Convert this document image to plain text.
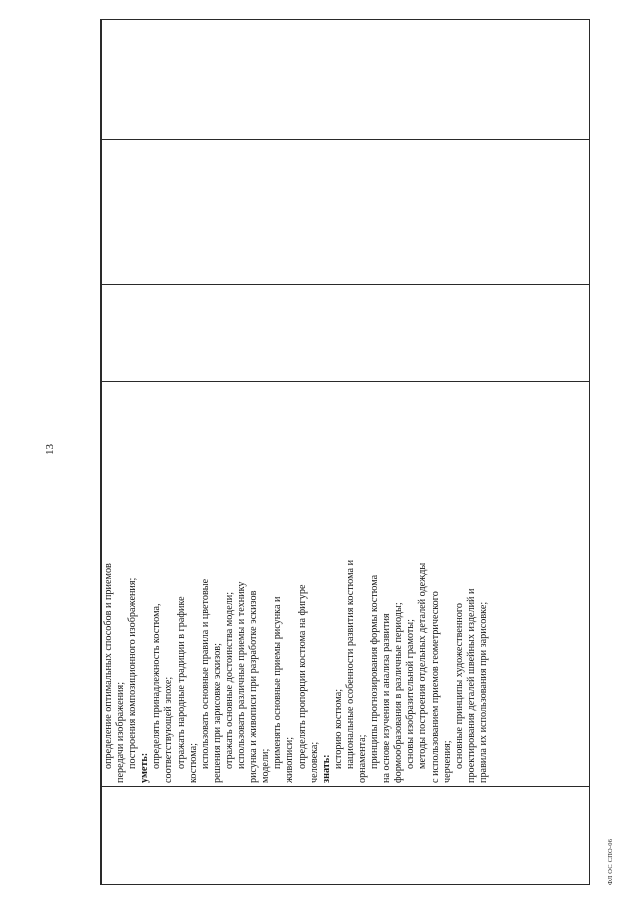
определение оптимальных способов и приемов передачи изображения; построения композиционного изображения; уметь: определять принадлежность костюма, соответствующей эпохе; отражать народные традиции в графике костюма; использовать основные правила и цветовые решения при зарисовке эскизов; отражать основные достоинства модели; использовать различные приемы и технику рисунка и живописи при разработке эскизов модели; применять основные приемы рисунка и живописи; определять пропорции костюма на фигуре человека; знать: историю костюма; национальные особенности развития костюма и орнамента; принципы прогнозирования формы костюма на основе изучения и анализа развития формообразования в различные периоды; основы изобразительной грамоты; методы построения отдельных деталей одежды с использованием приемов геометрического черчения; основные принципы художественного проектирования деталей швейных изделий и правила их использования при зарисовке;
13
ФЛ ОС СПО-06
